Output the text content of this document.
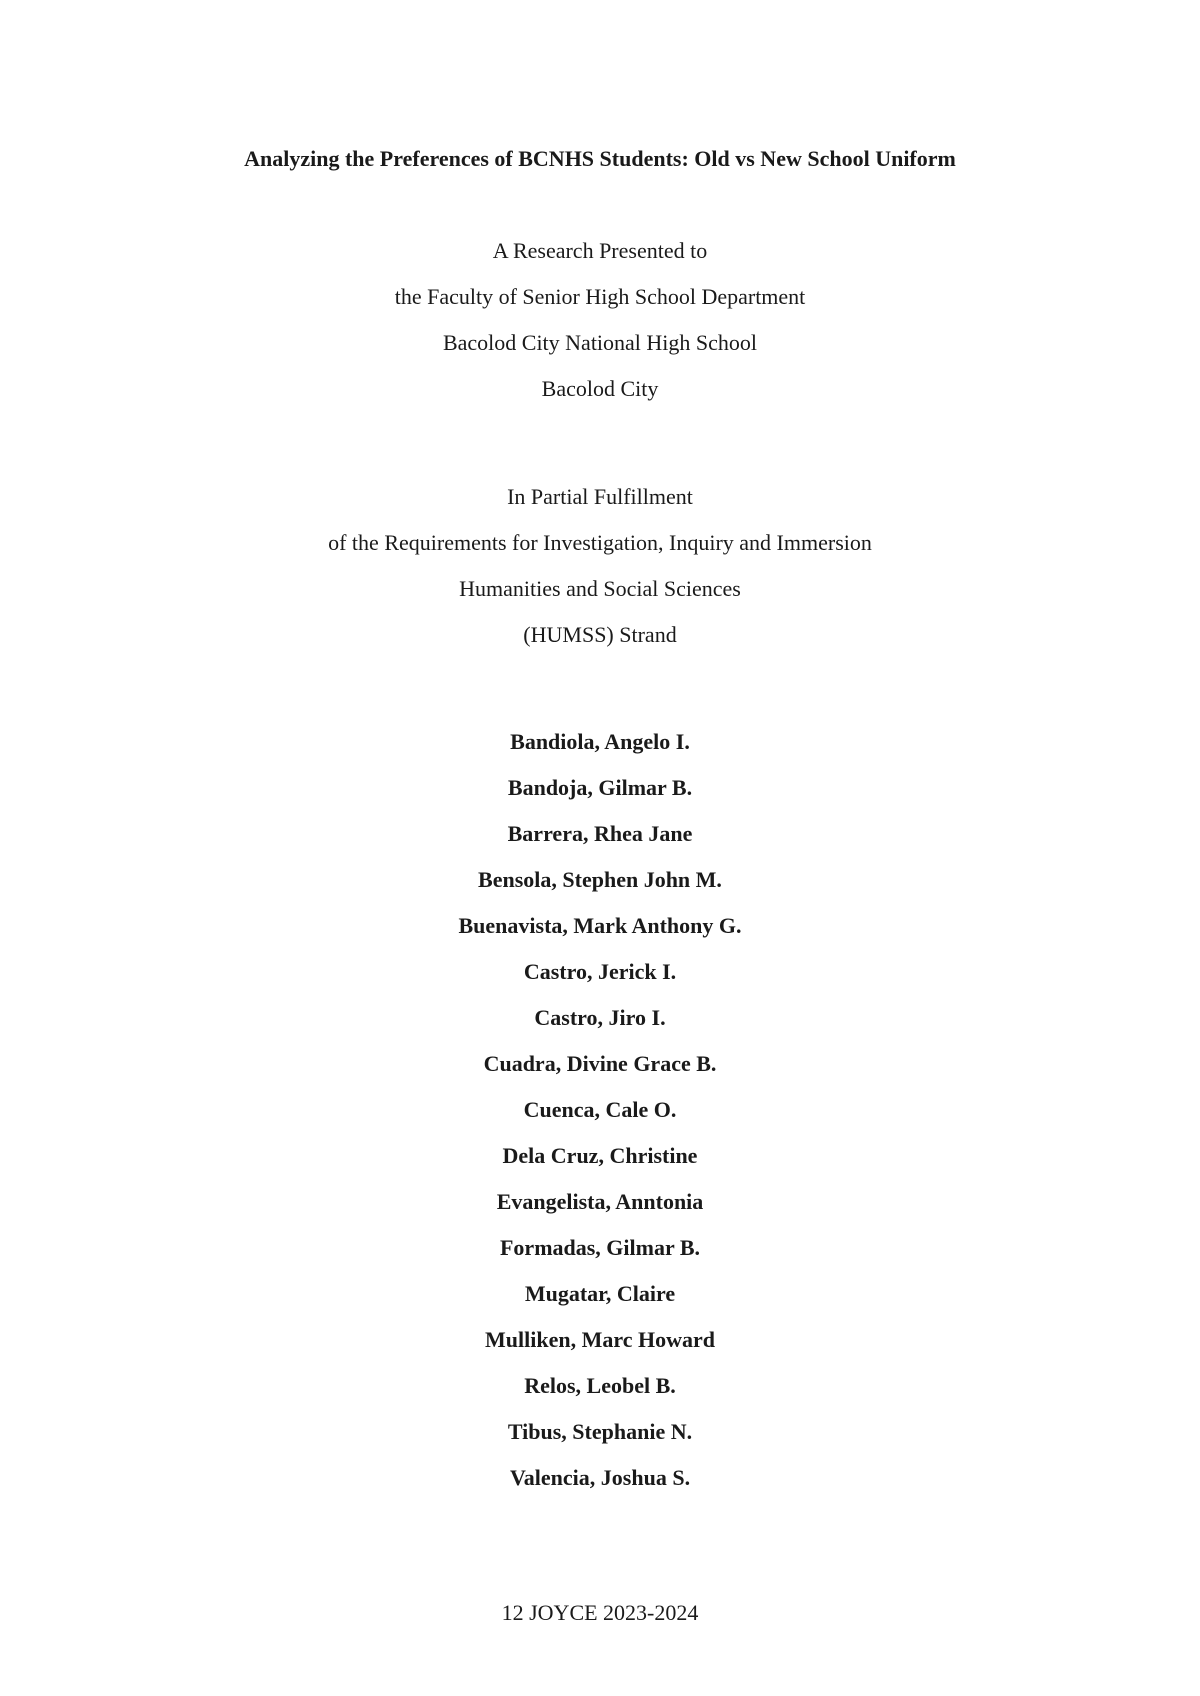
Analyzing the Preferences of BCNHS Students: Old vs New School Uniform
A Research Presented to
the Faculty of Senior High School Department
Bacolod City National High School
Bacolod City
In Partial Fulfillment
of the Requirements for Investigation, Inquiry and Immersion
Humanities and Social Sciences
(HUMSS) Strand
Bandiola, Angelo I.
Bandoja, Gilmar B.
Barrera, Rhea Jane
Bensola, Stephen John M.
Buenavista, Mark Anthony G.
Castro, Jerick I.
Castro, Jiro I.
Cuadra, Divine Grace B.
Cuenca, Cale O.
Dela Cruz, Christine
Evangelista, Anntonia
Formadas, Gilmar B.
Mugatar, Claire
Mulliken, Marc Howard
Relos, Leobel B.
Tibus, Stephanie N.
Valencia, Joshua S.
12 JOYCE 2023-2024
